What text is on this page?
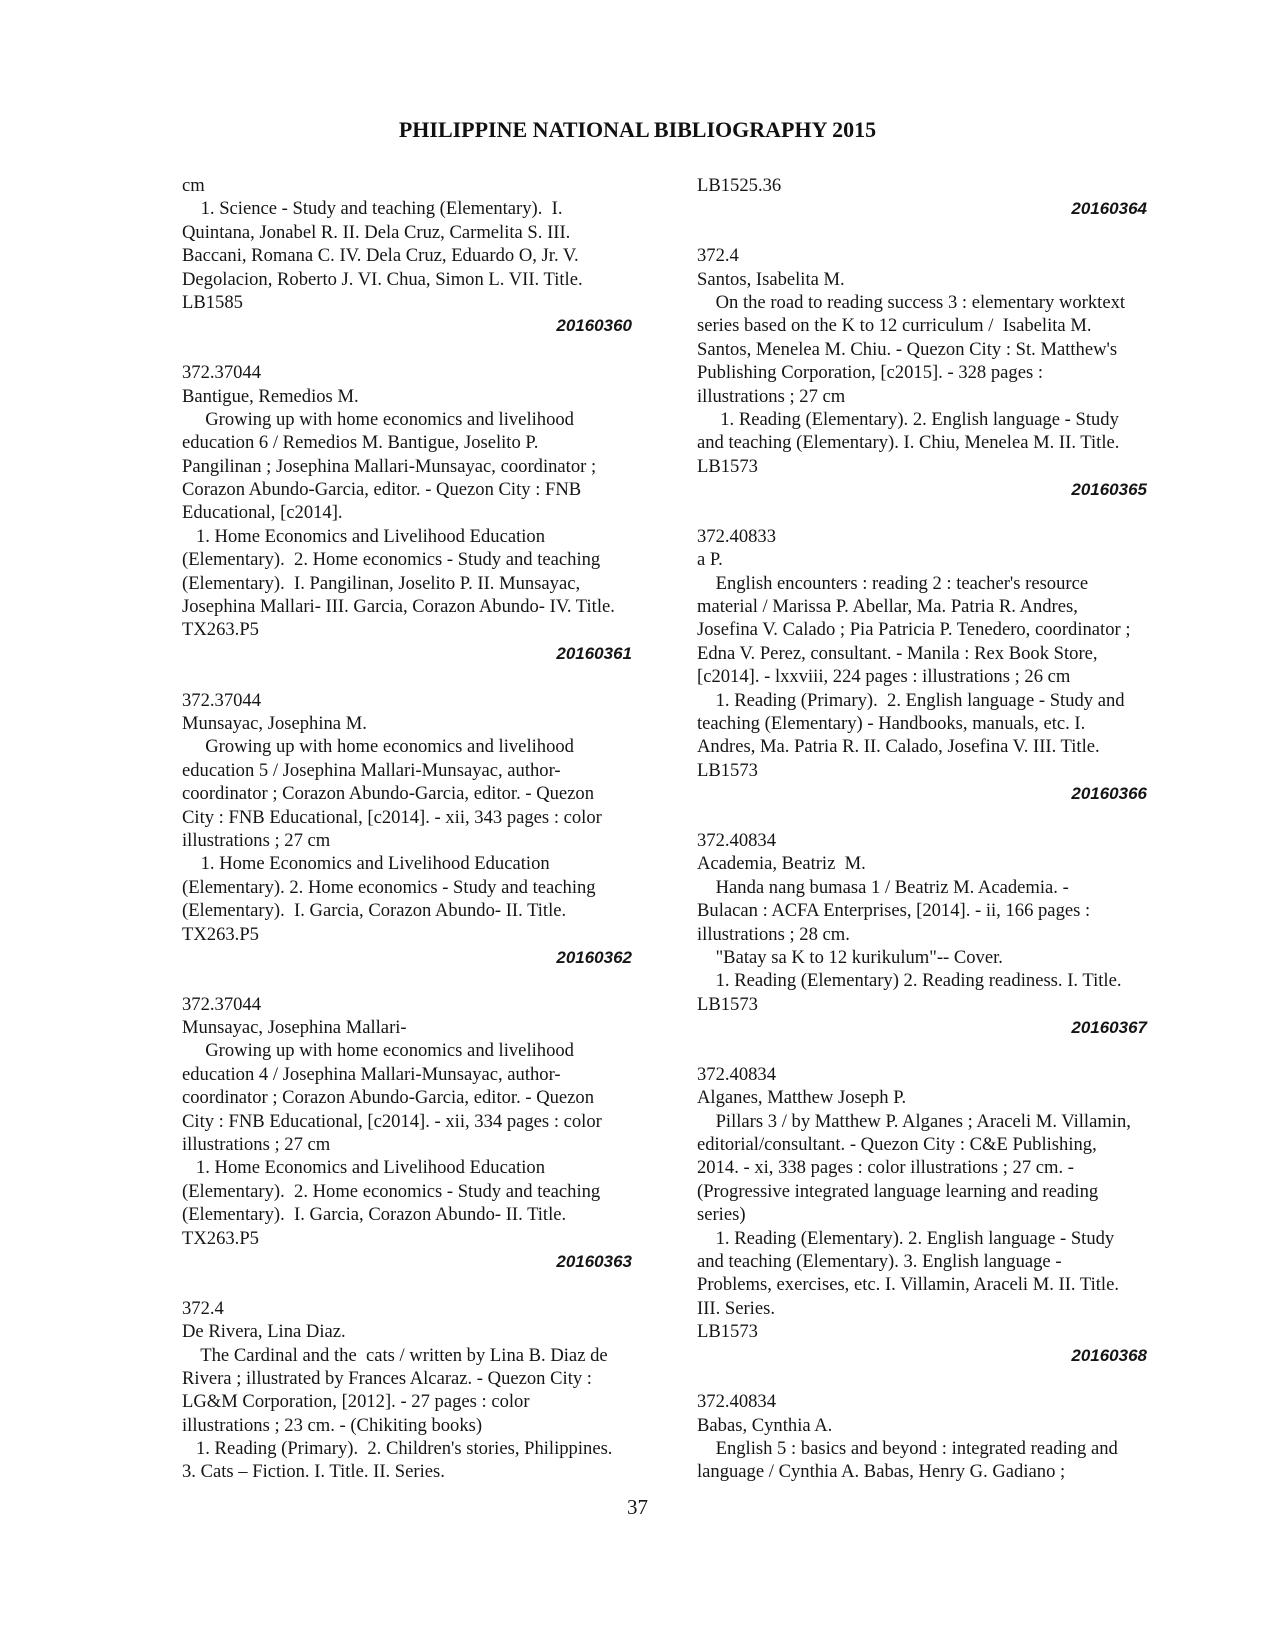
PHILIPPINE NATIONAL BIBLIOGRAPHY 2015
cm
1. Science - Study and teaching (Elementary).  I.
Quintana, Jonabel R. II. Dela Cruz, Carmelita S. III.
Baccani, Romana C. IV. Dela Cruz, Eduardo O, Jr. V.
Degolacion, Roberto J. VI. Chua, Simon L. VII. Title.
LB1585
20160360
372.37044
Bantigue, Remedios M.
Growing up with home economics and livelihood
education 6 / Remedios M. Bantigue, Joselito P.
Pangilinan ; Josephina Mallari-Munsayac, coordinator ;
Corazon Abundo-Garcia, editor. - Quezon City : FNB
Educational, [c2014].
1. Home Economics and Livelihood Education
(Elementary).  2. Home economics - Study and teaching
(Elementary).  I. Pangilinan, Joselito P. II. Munsayac,
Josephina Mallari- III. Garcia, Corazon Abundo- IV. Title.
TX263.P5
20160361
372.37044
Munsayac, Josephina M.
Growing up with home economics and livelihood
education 5 / Josephina Mallari-Munsayac, author-
coordinator ; Corazon Abundo-Garcia, editor. - Quezon
City : FNB Educational, [c2014]. - xii, 343 pages : color
illustrations ; 27 cm
1. Home Economics and Livelihood Education
(Elementary). 2. Home economics - Study and teaching
(Elementary).  I. Garcia, Corazon Abundo- II. Title.
TX263.P5
20160362
372.37044
Munsayac, Josephina Mallari-
Growing up with home economics and livelihood
education 4 / Josephina Mallari-Munsayac, author-
coordinator ; Corazon Abundo-Garcia, editor. - Quezon
City : FNB Educational, [c2014]. - xii, 334 pages : color
illustrations ; 27 cm
1. Home Economics and Livelihood Education
(Elementary).  2. Home economics - Study and teaching
(Elementary).  I. Garcia, Corazon Abundo- II. Title.
TX263.P5
20160363
372.4
De Rivera, Lina Diaz.
The Cardinal and the  cats / written by Lina B. Diaz de
Rivera ; illustrated by Frances Alcaraz. - Quezon City :
LG&M Corporation, [2012]. - 27 pages : color
illustrations ; 23 cm. - (Chikiting books)
1. Reading (Primary).  2. Children's stories, Philippines.
3. Cats – Fiction. I. Title. II. Series.
LB1525.36
20160364
372.4
Santos, Isabelita M.
On the road to reading success 3 : elementary worktext
series based on the K to 12 curriculum /  Isabelita M.
Santos, Menelea M. Chiu. - Quezon City : St. Matthew's
Publishing Corporation, [c2015]. - 328 pages :
illustrations ; 27 cm
1. Reading (Elementary). 2. English language - Study
and teaching (Elementary). I. Chiu, Menelea M. II. Title.
LB1573
20160365
372.40833
a P.
English encounters : reading 2 : teacher's resource
material / Marissa P. Abellar, Ma. Patria R. Andres,
Josefina V. Calado ; Pia Patricia P. Tenedero, coordinator ;
Edna V. Perez, consultant. - Manila : Rex Book Store,
[c2014]. - lxxviii, 224 pages : illustrations ; 26 cm
1. Reading (Primary).  2. English language - Study and
teaching (Elementary) - Handbooks, manuals, etc. I.
Andres, Ma. Patria R. II. Calado, Josefina V. III. Title.
LB1573
20160366
372.40834
Academia, Beatriz  M.
Handa nang bumasa 1 / Beatriz M. Academia. -
Bulacan : ACFA Enterprises, [2014]. - ii, 166 pages :
illustrations ; 28 cm.
"Batay sa K to 12 kurikulum"-- Cover.
1. Reading (Elementary) 2. Reading readiness. I. Title.
LB1573
20160367
372.40834
Alganes, Matthew Joseph P.
Pillars 3 / by Matthew P. Alganes ; Araceli M. Villamin,
editorial/consultant. - Quezon City : C&E Publishing,
2014. - xi, 338 pages : color illustrations ; 27 cm. -
(Progressive integrated language learning and reading
series)
1. Reading (Elementary). 2. English language - Study
and teaching (Elementary). 3. English language -
Problems, exercises, etc. I. Villamin, Araceli M. II. Title.
III. Series.
LB1573
20160368
372.40834
Babas, Cynthia A.
English 5 : basics and beyond : integrated reading and
language / Cynthia A. Babas, Henry G. Gadiano ;
37
